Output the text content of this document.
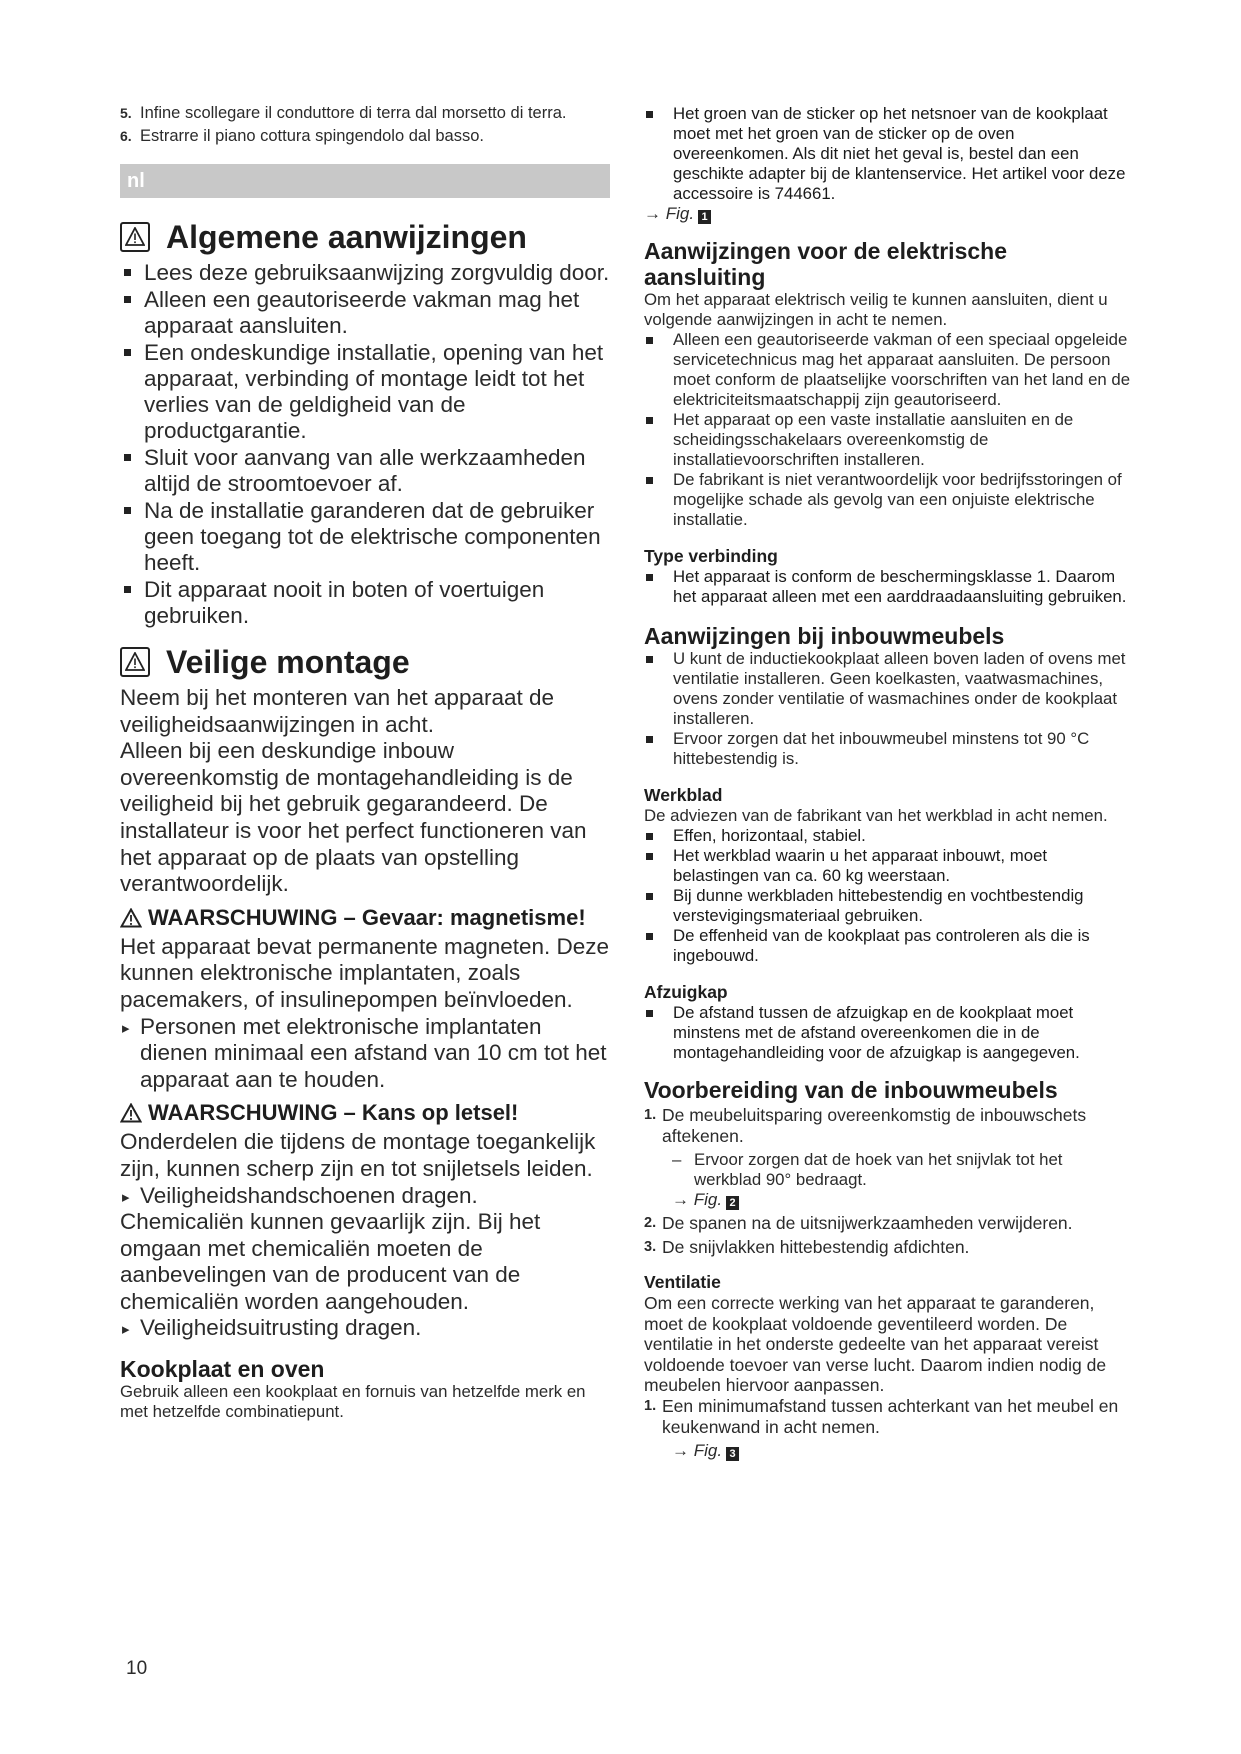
5. Infine scollegare il conduttore di terra dal morsetto di terra.
6. Estrarre il piano cottura spingendolo dal basso.
nl
Algemene aanwijzingen
Lees deze gebruiksaanwijzing zorgvuldig door.
Alleen een geautoriseerde vakman mag het apparaat aansluiten.
Een ondeskundige installatie, opening van het apparaat, verbinding of montage leidt tot het verlies van de geldigheid van de productgarantie.
Sluit voor aanvang van alle werkzaamheden altijd de stroomtoevoer af.
Na de installatie garanderen dat de gebruiker geen toegang tot de elektrische componenten heeft.
Dit apparaat nooit in boten of voertuigen gebruiken.
Veilige montage

Neem bij het monteren van het apparaat de veiligheidsaanwijzingen in acht.

Alleen bij een deskundige inbouw overeenkomstig de montagehandleiding is de veiligheid bij het gebruik gegarandeerd. De installateur is voor het perfect functioneren van het apparaat op de plaats van opstelling verantwoordelijk.

WAARSCHUWING – Gevaar: magnetisme!

Het apparaat bevat permanente magneten. Deze kunnen elektronische implantaten, zoals pacemakers, of insulinepompen beïnvloeden.

▸ Personen met elektronische implantaten dienen minimaal een afstand van 10 cm tot het apparaat aan te houden.
WAARSCHUWING – Kans op letsel!

Onderdelen die tijdens de montage toegankelijk zijn, kunnen scherp zijn en tot snijletsels leiden.

▸ Veiligheidshandschoenen dragen.

Chemicaliën kunnen gevaarlijk zijn. Bij het omgaan met chemicaliën moeten de aanbevelingen van de producent van de chemicaliën worden aangehouden.

▸ Veiligheidsuitrusting dragen.
Kookplaat en oven

Gebruik alleen een kookplaat en fornuis van hetzelfde merk en met hetzelfde combinatiepunt.

Het groen van de sticker op het netsnoer van de kookplaat moet met het groen van de sticker op de oven overeenkomen. Als dit niet het geval is, bestel dan een geschikte adapter bij de klantenservice. Het artikel voor deze accessoire is 744661.
→ Fig. 1
Aanwijzingen voor de elektrische aansluiting

Om het apparaat elektrisch veilig te kunnen aansluiten, dient u volgende aanwijzingen in acht te nemen.

Alleen een geautoriseerde vakman of een speciaal opgeleide servicetechnicus mag het apparaat aansluiten. De persoon moet conform de plaatselijke voorschriften van het land en de elektriciteitsmaatschappij zijn geautoriseerd.
Het apparaat op een vaste installatie aansluiten en de scheidingsschakelaars overeenkomstig de installatievoorschriften installeren.
De fabrikant is niet verantwoordelijk voor bedrijfsstoringen of mogelijke schade als gevolg van een onjuiste elektrische installatie.
Type verbinding
Het apparaat is conform de beschermingsklasse 1. Daarom het apparaat alleen met een aarddraadaansluiting gebruiken.
Aanwijzingen bij inbouwmeubels
U kunt de inductiekookplaat alleen boven laden of ovens met ventilatie installeren. Geen koelkasten, vaatwasmachines, ovens zonder ventilatie of wasmachines onder de kookplaat installeren.
Ervoor zorgen dat het inbouwmeubel minstens tot 90 °C hittebestendig is.
Werkblad

De adviezen van de fabrikant van het werkblad in acht nemen.

Effen, horizontaal, stabiel.
Het werkblad waarin u het apparaat inbouwt, moet belastingen van ca. 60 kg weerstaan.
Bij dunne werkbladen hittebestendig en vochtbestendig verstevigingsmateriaal gebruiken.
De effenheid van de kookplaat pas controleren als die is ingebouwd.
Afzuigkap
De afstand tussen de afzuigkap en de kookplaat moet minstens met de afstand overeenkomen die in de montagehandleiding voor de afzuigkap is aangegeven.
Voorbereiding van de inbouwmeubels
1. De meubeluitsparing overeenkomstig de inbouwschets aftekenen.
– Ervoor zorgen dat de hoek van het snijvlak tot het werkblad 90° bedraagt.
→ Fig. 2
2. De spanen na de uitsnijwerkzaamheden verwijderen.
3. De snijvlakken hittebestendig afdichten.
Ventilatie

Om een correcte werking van het apparaat te garanderen, moet de kookplaat voldoende geventileerd worden. De ventilatie in het onderste gedeelte van het apparaat vereist voldoende toevoer van verse lucht. Daarom indien nodig de meubelen hiervoor aanpassen.

1. Een minimumafstand tussen achterkant van het meubel en keukenwand in acht nemen.
→ Fig. 3
10
